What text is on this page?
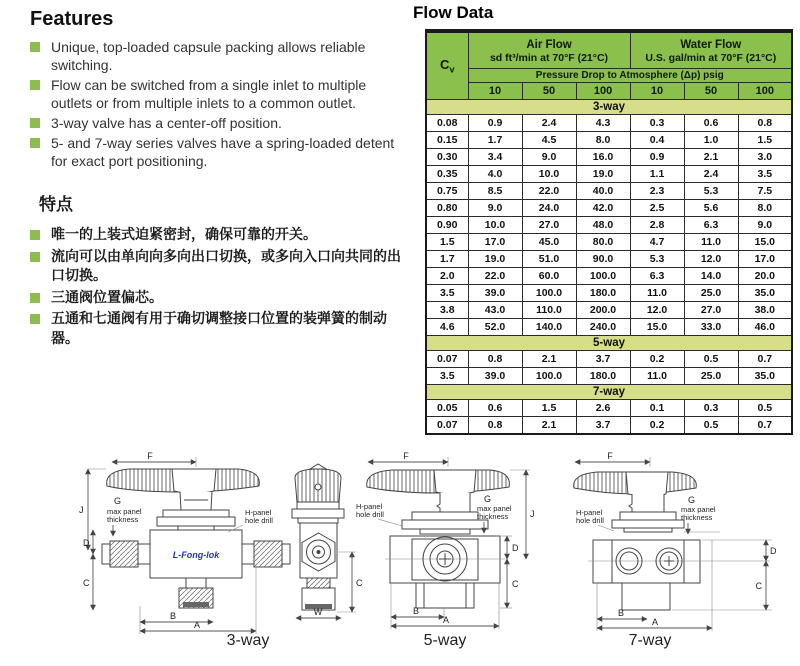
Features
Unique, top-loaded capsule packing allows reliable switching.
Flow can be switched from a single inlet to multiple outlets or from multiple inlets to a common outlet.
3-way valve has a center-off position.
5- and 7-way series valves have a spring-loaded detent for exact port positioning.
特点
唯一的上装式迫紧密封，确保可靠的开关。
流向可以由单向向多向出口切换，或多向入口向共同的出口切换。
三通阀位置偏芯。
五通和七通阀有用于确切调整接口位置的装弹簧的制动器。
Flow Data
$C_v$	
Air Flow
sd ft³/min at 70°F (21°C)

Water Flow
U.S. gal/min at 70°F (21°C)

	Pressure Drop to Atmosphere (Δp) psig					
	10	50	100	10	50	100
3-way						
0.08	0.9	2.4	4.3	0.3	0.6	0.8
0.15	1.7	4.5	8.0	0.4	1.0	1.5
0.30	3.4	9.0	16.0	0.9	2.1	3.0
0.35	4.0	10.0	19.0	1.1	2.4	3.5
0.75	8.5	22.0	40.0	2.3	5.3	7.5
0.80	9.0	24.0	42.0	2.5	5.6	8.0
0.90	10.0	27.0	48.0	2.8	6.3	9.0
1.5	17.0	45.0	80.0	4.7	11.0	15.0
1.7	19.0	51.0	90.0	5.3	12.0	17.0
2.0	22.0	60.0	100.0	6.3	14.0	20.0
3.5	39.0	100.0	180.0	11.0	25.0	35.0
3.8	43.0	110.0	200.0	12.0	27.0	38.0
4.6	52.0	140.0	240.0	15.0	33.0	46.0
5-way						
0.07	0.8	2.1	3.7	0.2	0.5	0.7
3.5	39.0	100.0	180.0	11.0	25.0	35.0
7-way						
0.05	0.6	1.5	2.6	0.1	0.3	0.5
0.07	0.8	2.1	3.7	0.2	0.5	0.7
F
L-Fong-lok
J
G
max panel
thickness
D
C
H-panel
hole drill
B
A
3-way
W
C
F
B
A
D
C
J
G
max panel
thickness
H-panel
hole drill
5-way
F
B
A
D
C
G
max panel
thickness
H-panel
hole drill
7-way
